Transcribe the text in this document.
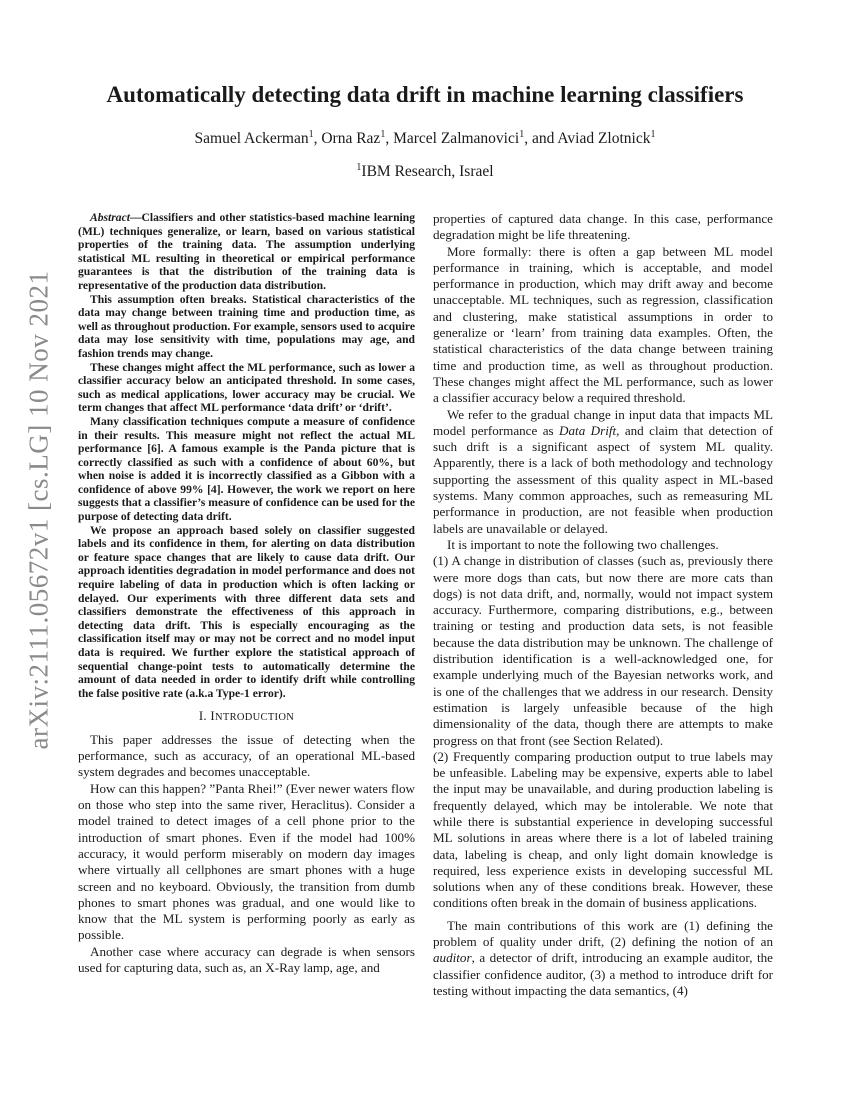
arXiv:2111.05672v1 [cs.LG] 10 Nov 2021
Automatically detecting data drift in machine learning classifiers
Samuel Ackerman$^1$, Orna Raz$^1$, Marcel Zalmanovici$^1$, and Aviad Zlotnick$^1$
$^1$IBM Research, Israel

Abstract—Classifiers and other statistics-based machine learning (ML) techniques generalize, or learn, based on various statistical properties of the training data. The assumption underlying statistical ML resulting in theoretical or empirical performance guarantees is that the distribution of the training data is representative of the production data distribution.

This assumption often breaks. Statistical characteristics of the data may change between training time and production time, as well as throughout production. For example, sensors used to acquire data may lose sensitivity with time, populations may age, and fashion trends may change.

These changes might affect the ML performance, such as lower a classifier accuracy below an anticipated threshold. In some cases, such as medical applications, lower accuracy may be crucial. We term changes that affect ML performance ‘data drift’ or ‘drift’.

Many classification techniques compute a measure of confidence in their results. This measure might not reflect the actual ML performance [6]. A famous example is the Panda picture that is correctly classified as such with a confidence of about 60%, but when noise is added it is incorrectly classified as a Gibbon with a confidence of above 99% [4]. However, the work we report on here suggests that a classifier’s measure of confidence can be used for the purpose of detecting data drift.

We propose an approach based solely on classifier suggested labels and its confidence in them, for alerting on data distribution or feature space changes that are likely to cause data drift. Our approach identities degradation in model performance and does not require labeling of data in production which is often lacking or delayed. Our experiments with three different data sets and classifiers demonstrate the effectiveness of this approach in detecting data drift. This is especially encouraging as the classification itself may or may not be correct and no model input data is required. We further explore the statistical approach of sequential change-point tests to automatically determine the amount of data needed in order to identify drift while controlling the false positive rate (a.k.a Type-1 error).

I. INTRODUCTION

This paper addresses the issue of detecting when the performance, such as accuracy, of an operational ML-based system degrades and becomes unacceptable.

How can this happen? ”Panta Rhei!” (Ever newer waters flow on those who step into the same river, Heraclitus). Consider a model trained to detect images of a cell phone prior to the introduction of smart phones. Even if the model had 100% accuracy, it would perform miserably on modern day images where virtually all cellphones are smart phones with a huge screen and no keyboard. Obviously, the transition from dumb phones to smart phones was gradual, and one would like to know that the ML system is performing poorly as early as possible.

Another case where accuracy can degrade is when sensors used for capturing data, such as, an X-Ray lamp, age, and

properties of captured data change. In this case, performance degradation might be life threatening.

More formally: there is often a gap between ML model performance in training, which is acceptable, and model performance in production, which may drift away and become unacceptable. ML techniques, such as regression, classification and clustering, make statistical assumptions in order to generalize or ‘learn’ from training data examples. Often, the statistical characteristics of the data change between training time and production time, as well as throughout production. These changes might affect the ML performance, such as lower a classifier accuracy below a required threshold.

We refer to the gradual change in input data that impacts ML model performance as Data Drift, and claim that detection of such drift is a significant aspect of system ML quality. Apparently, there is a lack of both methodology and technology supporting the assessment of this quality aspect in ML-based systems. Many common approaches, such as remeasuring ML performance in production, are not feasible when production labels are unavailable or delayed.

It is important to note the following two challenges.

(1) A change in distribution of classes (such as, previously there were more dogs than cats, but now there are more cats than dogs) is not data drift, and, normally, would not impact system accuracy. Furthermore, comparing distributions, e.g., between training or testing and production data sets, is not feasible because the data distribution may be unknown. The challenge of distribution identification is a well-acknowledged one, for example underlying much of the Bayesian networks work, and is one of the challenges that we address in our research. Density estimation is largely unfeasible because of the high dimensionality of the data, though there are attempts to make progress on that front (see Section Related).

(2) Frequently comparing production output to true labels may be unfeasible. Labeling may be expensive, experts able to label the input may be unavailable, and during production labeling is frequently delayed, which may be intolerable. We note that while there is substantial experience in developing successful ML solutions in areas where there is a lot of labeled training data, labeling is cheap, and only light domain knowledge is required, less experience exists in developing successful ML solutions when any of these conditions break. However, these conditions often break in the domain of business applications.

The main contributions of this work are (1) defining the problem of quality under drift, (2) defining the notion of an auditor, a detector of drift, introducing an example auditor, the classifier confidence auditor, (3) a method to introduce drift for testing without impacting the data semantics, (4)
